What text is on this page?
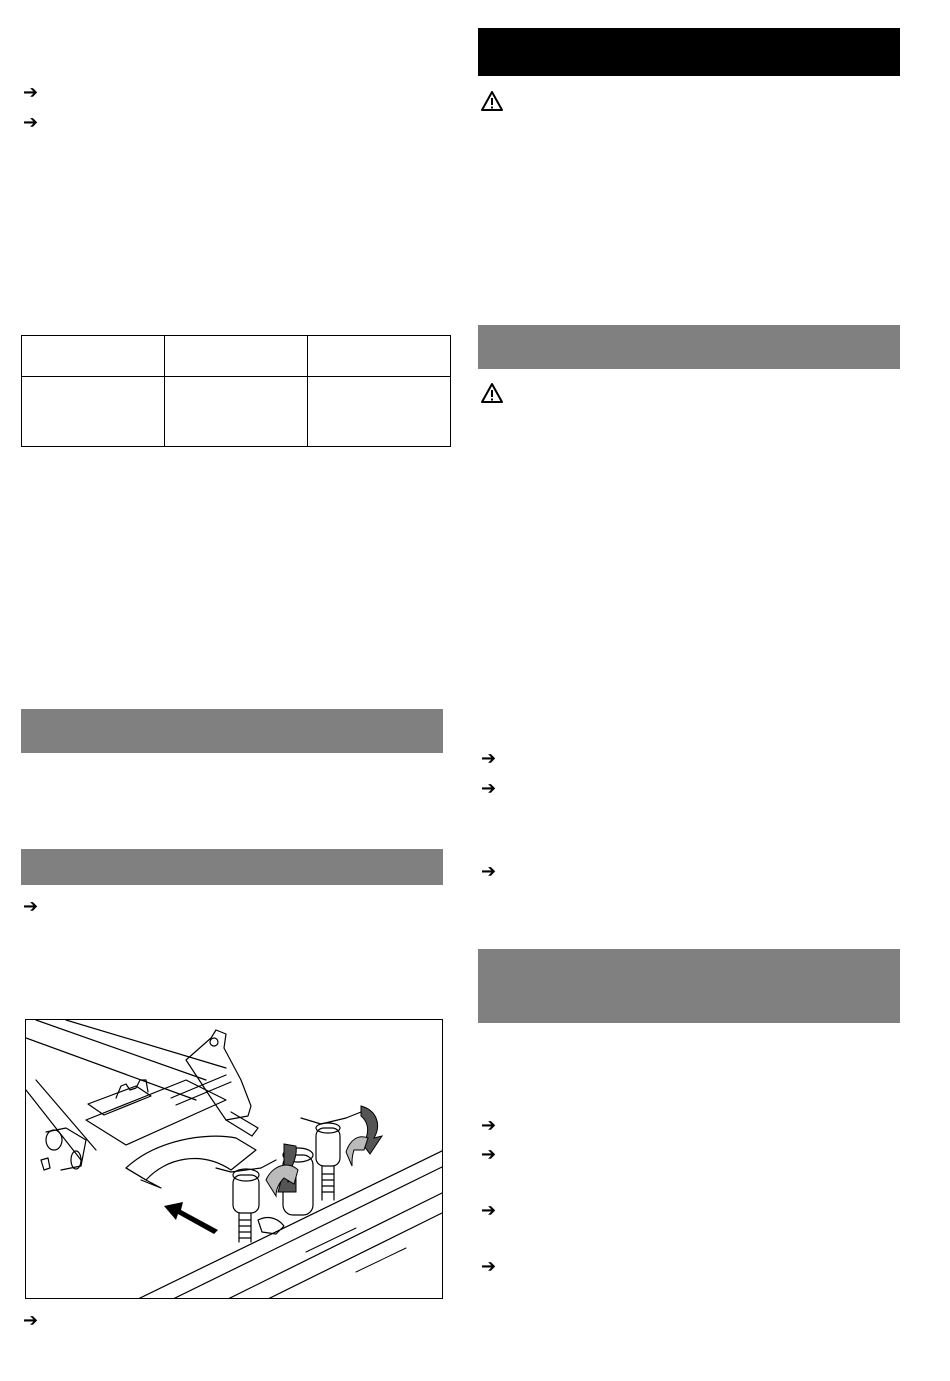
➔
➔

➔
➔
➔
➔
➔
➔
➔
➔
➔
